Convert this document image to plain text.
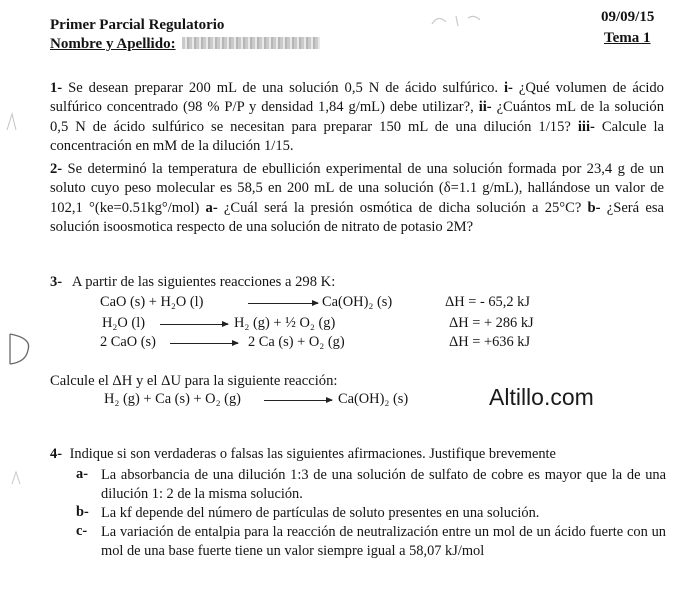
Primer Parcial Regulatorio
Nombre y Apellido:
09/09/15
Tema 1
1- Se desean preparar 200 mL de una solución 0,5 N de ácido sulfúrico. i- ¿Qué volumen de ácido sulfúrico concentrado (98 % P/P y densidad 1,84 g/mL) debe utilizar?, ii- ¿Cuántos mL de la solución 0,5 N de ácido sulfúrico se necesitan para preparar 150 mL de una dilución 1/15? iii- Calcule la concentración en mM de la dilución 1/15.
2- Se determinó la temperatura de ebullición experimental de una solución formada por 23,4 g de un soluto cuyo peso molecular es 58,5 en 200 mL de una solución (δ=1.1 g/mL), hallándose un valor de 102,1 °(ke=0.51kg°/mol) a- ¿Cuál será la presión osmótica de dicha solución a 25°C? b- ¿Será esa solución isoosmotica respecto de una solución de nitrato de potasio 2M?
3- A partir de las siguientes reacciones a 298 K:
CaO (s) + H₂O (l)	Ca(OH)₂ (s)	ΔH = - 65,2 kJ
H₂O (l)	H₂ (g) + ½ O₂ (g)	ΔH = + 286 kJ
2 CaO (s)	2 Ca (s) + O₂ (g)	ΔH = +636 kJ
Calcule el ΔH y el ΔU para la siguiente reacción:
H₂ (g) + Ca (s) + O₂ (g)	Ca(OH)₂ (s)	Altillo.com
4- Indique si son verdaderas o falsas las siguientes afirmaciones. Justifique brevemente
a- La absorbancia de una dilución 1:3 de una solución de sulfato de cobre es mayor que la de una dilución 1: 2 de la misma solución.
b- La kf depende del número de partículas de soluto presentes en una solución.
c- La variación de entalpia para la reacción de neutralización entre un mol de un ácido fuerte con un mol de una base fuerte tiene un valor siempre igual a 58,07 kJ/mol
